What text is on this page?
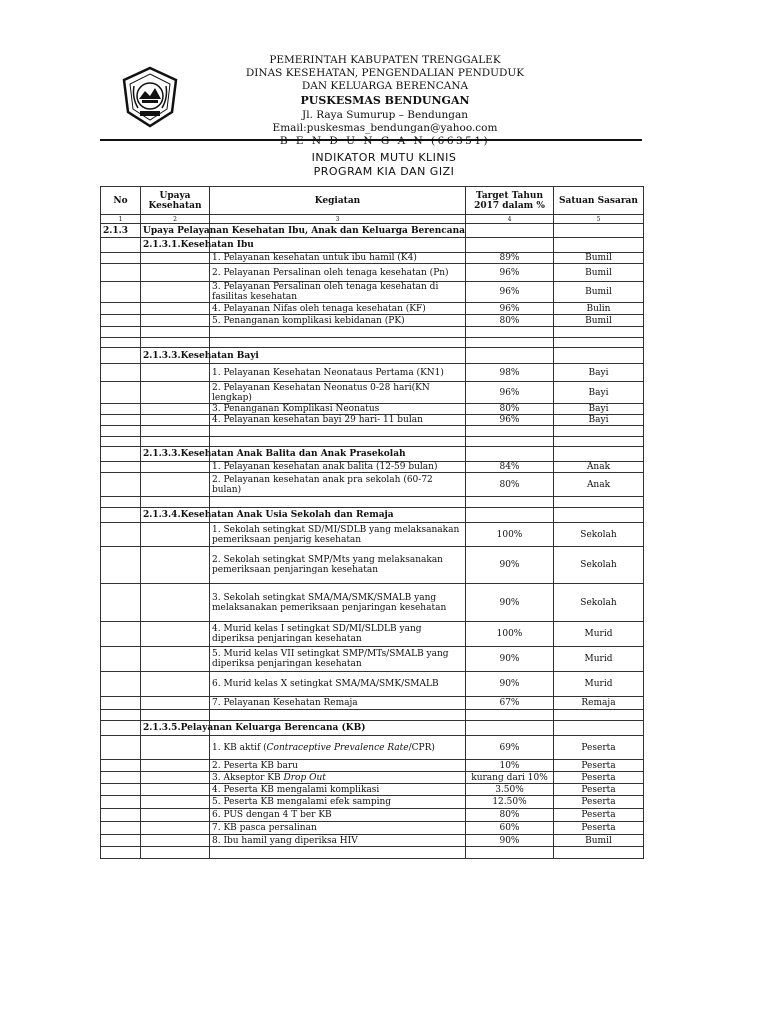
PEMERINTAH KABUPATEN TRENGGALEK
DINAS KESEHATAN, PENGENDALIAN PENDUDUK
DAN KELUARGA BERENCANA
PUSKESMAS BENDUNGAN
Jl. Raya Sumurup – Bendungan Email:puskesmas_bendungan@yahoo.com
B E N D U N G A N (66351)
INDIKATOR MUTU KLINIS
PROGRAM KIA DAN GIZI
No	Upaya Kesehatan	Kegiatan	Target Tahun 2017 dalam %	Satuan Sasaran
1	2	3	4	5
2.1.3	Upaya Pelayanan Kesehatan Ibu, Anak dan Keluarga Berencana			
	2.1.3.1.Kesehatan Ibu			
		1. Pelayanan kesehatan untuk ibu hamil (K4)	89%	Bumil
		2. Pelayanan Persalinan oleh tenaga kesehatan (Pn)	96%	Bumil
		3. Pelayanan Persalinan oleh tenaga kesehatan di fasilitas kesehatan	96%	Bumil
		4. Pelayanan Nifas oleh tenaga kesehatan (KF)	96%	Bulin
		5. Penanganan komplikasi kebidanan (PK)	80%	Bumil

	2.1.3.3.Kesehatan Bayi			
		1. Pelayanan Kesehatan Neonataus Pertama (KN1)	98%	Bayi
		2. Pelayanan Kesehatan Neonatus 0-28 hari(KN lengkap)	96%	Bayi
		3. Penanganan Komplikasi Neonatus	80%	Bayi
		4. Pelayanan kesehatan bayi 29 hari- 11 bulan	96%	Bayi

	2.1.3.3.Kesehatan Anak Balita dan Anak Prasekolah			
		1. Pelayanan kesehatan anak balita (12-59 bulan)	84%	Anak
		2. Pelayanan kesehatan anak pra sekolah (60-72 bulan)	80%	Anak

	2.1.3.4.Kesehatan Anak Usia Sekolah dan Remaja			
		1. Sekolah setingkat SD/MI/SDLB yang melaksanakan pemeriksaan penjarig kesehatan	100%	Sekolah
		2. Sekolah setingkat SMP/Mts yang melaksanakan pemeriksaan penjaringan kesehatan	90%	Sekolah
		3. Sekolah setingkat SMA/MA/SMK/SMALB yang melaksanakan pemeriksaan penjaringan kesehatan	90%	Sekolah
		4. Murid kelas I setingkat SD/MI/SLDLB yang diperiksa penjaringan kesehatan	100%	Murid
		5. Murid kelas VII setingkat SMP/MTs/SMALB yang diperiksa penjaringan kesehatan	90%	Murid
		6. Murid kelas X setingkat SMA/MA/SMK/SMALB	90%	Murid
		7. Pelayanan Kesehatan Remaja	67%	Remaja

	2.1.3.5.Pelayanan Keluarga Berencana (KB)			
		1. KB aktif (Contraceptive Prevalence Rate/CPR)	69%	Peserta
		2. Peserta KB baru	10%	Peserta
		3. Akseptor KB Drop Out	kurang dari 10%	Peserta
		4. Peserta KB mengalami komplikasi	3.50%	Peserta
		5. Peserta KB mengalami efek samping	12.50%	Peserta
		6. PUS dengan 4 T ber KB	80%	Peserta
		7. KB pasca persalinan	60%	Peserta
		8. Ibu hamil yang diperiksa HIV	90%	Bumil
